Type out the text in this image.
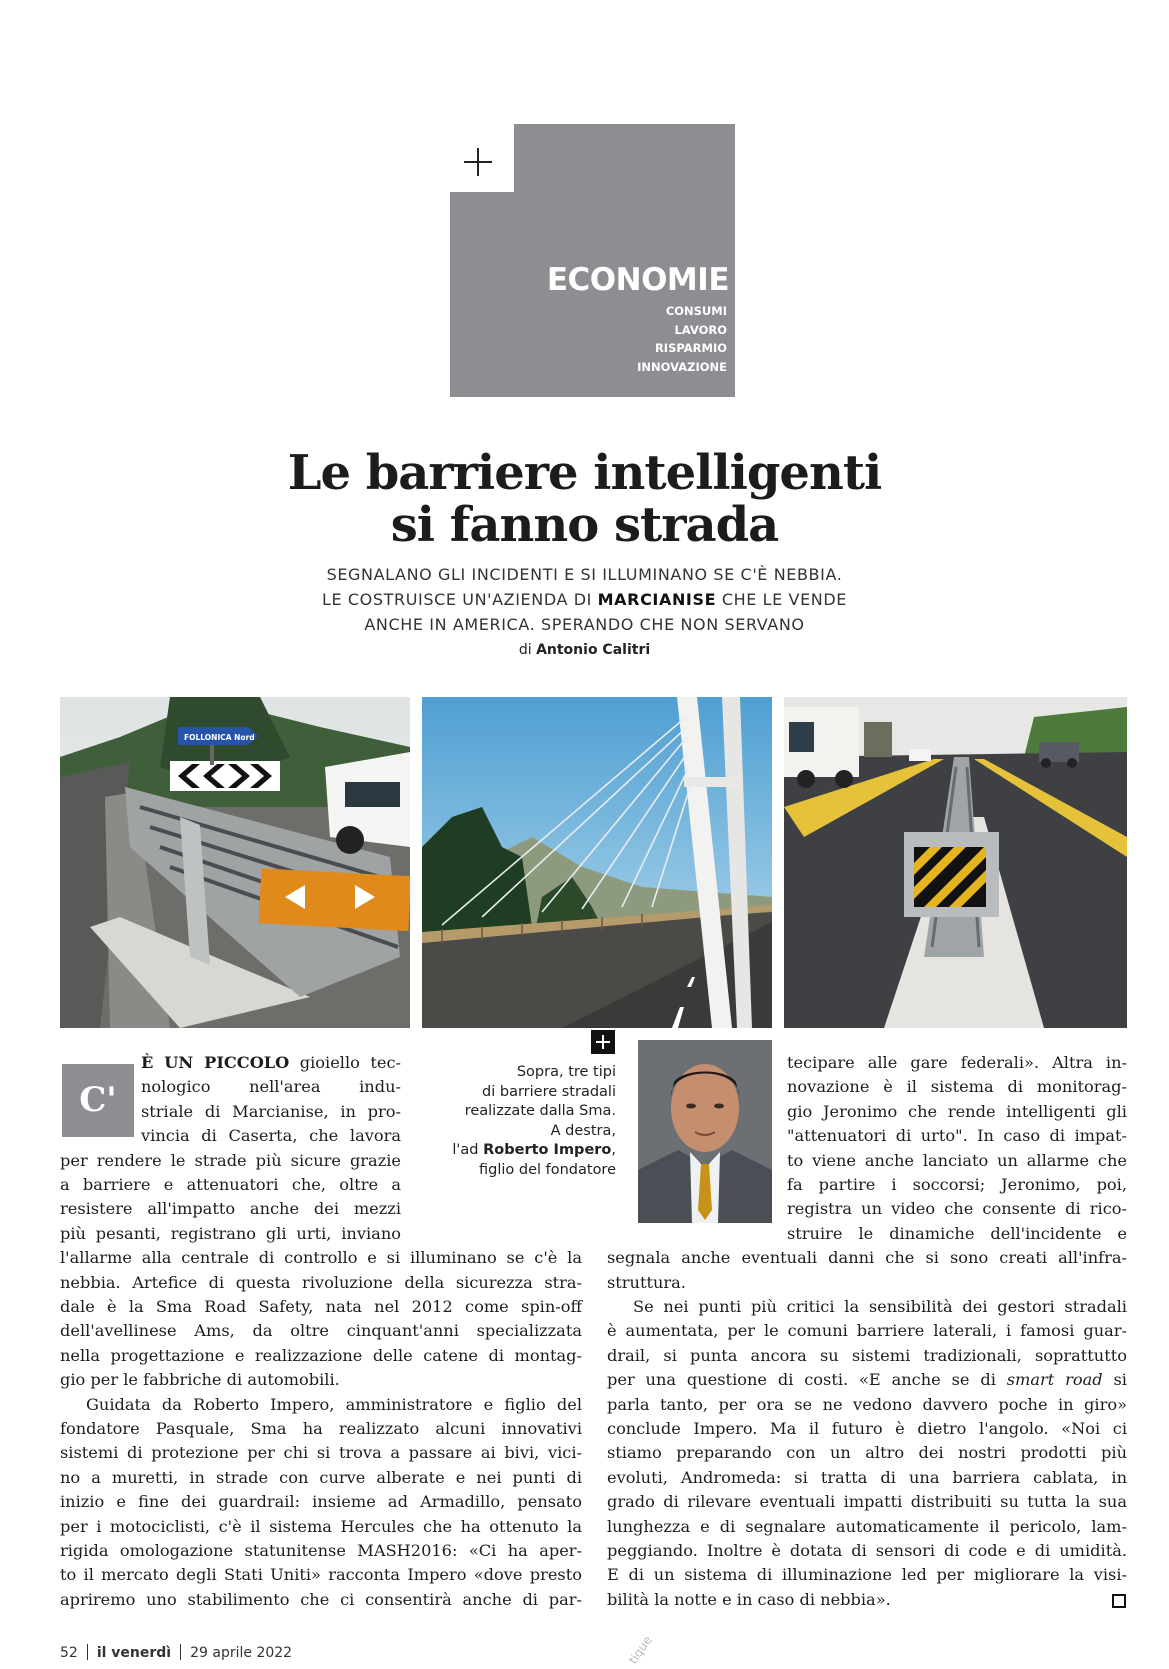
ECONOMIE
CONSUMI
LAVORO
RISPARMIO
INNOVAZIONE
Le barriere intelligenti
si fanno strada
SEGNALANO GLI INCIDENTI E SI ILLUMINANO SE C'È NEBBIA.
LE COSTRUISCE UN'AZIENDA DI MARCIANISE CHE LE VENDE
ANCHE IN AMERICA. SPERANDO CHE NON SERVANO
di Antonio Calitri
FOLLONICA Nord
C'

È UN PICCOLO gioiello tec-

nologico nell'area indu-

striale di Marcianise, in pro-

vincia di Caserta, che lavora

per rendere le strade più sicure grazie

a barriere e attenuatori che, oltre a

resistere all'impatto anche dei mezzi

più pesanti, registrano gli urti, inviano

l'allarme alla centrale di controllo e si illuminano se c'è la

nebbia. Artefice di questa rivoluzione della sicurezza stra-

dale è la Sma Road Safety, nata nel 2012 come spin-off

dell'avellinese Ams, da oltre cinquant'anni specializzata

nella progettazione e realizzazione delle catene di montag-

gio per le fabbriche di automobili.

Guidata da Roberto Impero, amministratore e figlio del

fondatore Pasquale, Sma ha realizzato alcuni innovativi

sistemi di protezione per chi si trova a passare ai bivi, vici-

no a muretti, in strade con curve alberate e nei punti di

inizio e fine dei guardrail: insieme ad Armadillo, pensato

per i motociclisti, c'è il sistema Hercules che ha ottenuto la

rigida omologazione statunitense MASH2016: «Ci ha aper-

to il mercato degli Stati Uniti» racconta Impero «dove presto

apriremo uno stabilimento che ci consentirà anche di par-

Sopra, tre tipi
di barriere stradali
realizzate dalla Sma.
A destra,
l'ad Roberto Impero,
figlio del fondatore

tecipare alle gare federali». Altra in-

novazione è il sistema di monitorag-

gio Jeronimo che rende intelligenti gli

"attenuatori di urto". In caso di impat-

to viene anche lanciato un allarme che

fa partire i soccorsi; Jeronimo, poi,

registra un video che consente di rico-

struire le dinamiche dell'incidente e

segnala anche eventuali danni che si sono creati all'infra-

struttura.

Se nei punti più critici la sensibilità dei gestori stradali

è aumentata, per le comuni barriere laterali, i famosi guar-

drail, si punta ancora su sistemi tradizionali, soprattutto

per una questione di costi. «E anche se di smart road si

parla tanto, per ora se ne vedono davvero poche in giro»

conclude Impero. Ma il futuro è dietro l'angolo. «Noi ci

stiamo preparando con un altro dei nostri prodotti più

evoluti, Andromeda: si tratta di una barriera cablata, in

grado di rilevare eventuali impatti distribuiti su tutta la sua

lunghezza e di segnalare automaticamente il pericolo, lam-

peggiando. Inoltre è dotata di sensori di code e di umidità.

E di un sistema di illuminazione led per migliorare la visi-

bilità la notte e in caso di nebbia».

52 il venerdì 29 aprile 2022	tique
